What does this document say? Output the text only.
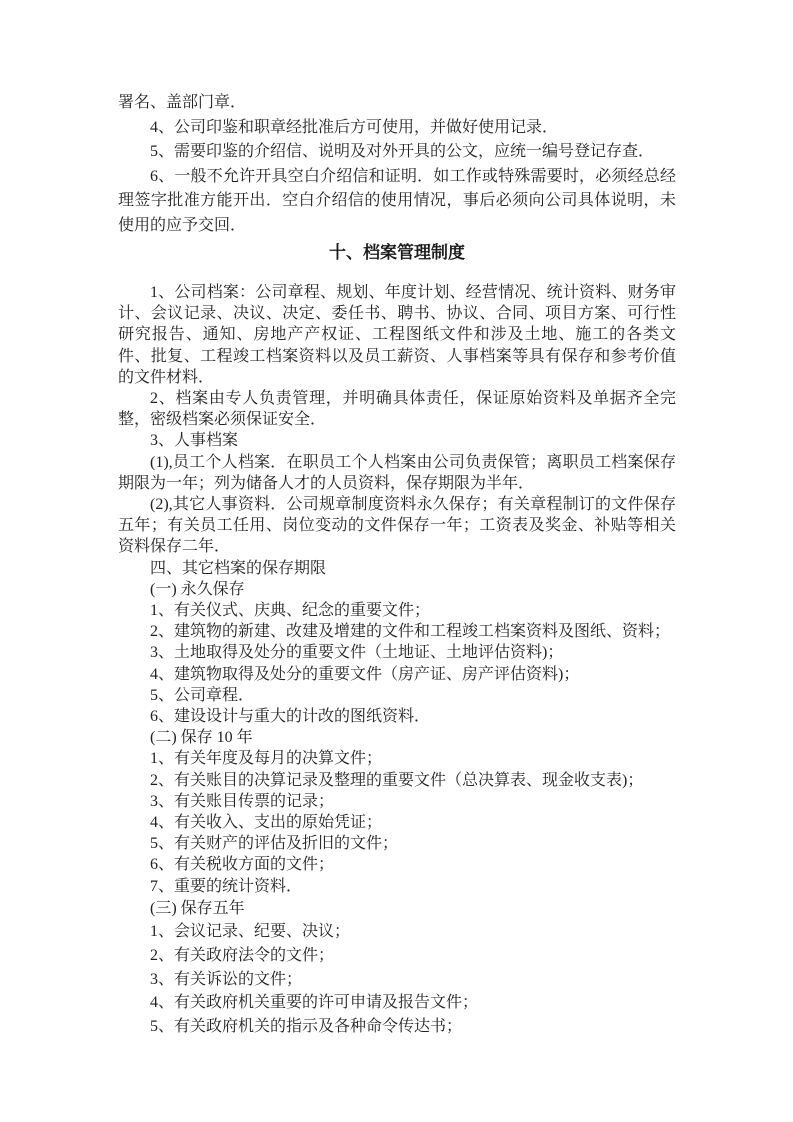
署名、盖部门章．

4、公司印鉴和职章经批准后方可使用，并做好使用记录．

5、需要印鉴的介绍信、说明及对外开具的公文，应统一编号登记存查．

6、一般不允许开具空白介绍信和证明．如工作或特殊需要时，必须经总经理签字批准方能开出．空白介绍信的使用情况，事后必须向公司具体说明，未使用的应予交回．

十、档案管理制度

1、公司档案：公司章程、规划、年度计划、经营情况、统计资料、财务审计、会议记录、决议、决定、委任书、聘书、协议、合同、项目方案、可行性研究报告、通知、房地产产权证、工程图纸文件和涉及土地、施工的各类文件、批复、工程竣工档案资料以及员工薪资、人事档案等具有保存和参考价值的文件材料．

2、档案由专人负责管理，并明确具体责任，保证原始资料及单据齐全完整，密级档案必须保证安全．

3、人事档案

(1),员工个人档案．在职员工个人档案由公司负责保管；离职员工档案保存期限为一年；列为储备人才的人员资料，保存期限为半年．

(2),其它人事资料．公司规章制度资料永久保存；有关章程制订的文件保存五年；有关员工任用、岗位变动的文件保存一年；工资表及奖金、补贴等相关资料保存二年．

四、其它档案的保存期限

(一) 永久保存

1、有关仪式、庆典、纪念的重要文件；

2、建筑物的新建、改建及增建的文件和工程竣工档案资料及图纸、资料；

3、土地取得及处分的重要文件（土地证、土地评估资料)；

4、建筑物取得及处分的重要文件（房产证、房产评估资料)；

5、公司章程．

6、建设设计与重大的计改的图纸资料．

(二) 保存 10 年

1、有关年度及每月的决算文件；

2、有关账目的决算记录及整理的重要文件（总决算表、现金收支表)；

3、有关账目传票的记录；

4、有关收入、支出的原始凭证；

5、有关财产的评估及折旧的文件；

6、有关税收方面的文件；

7、重要的统计资料．

(三) 保存五年

1、会议记录、纪要、决议；

2、有关政府法令的文件；

3、有关诉讼的文件；

4、有关政府机关重要的许可申请及报告文件；

5、有关政府机关的指示及各种命令传达书；
